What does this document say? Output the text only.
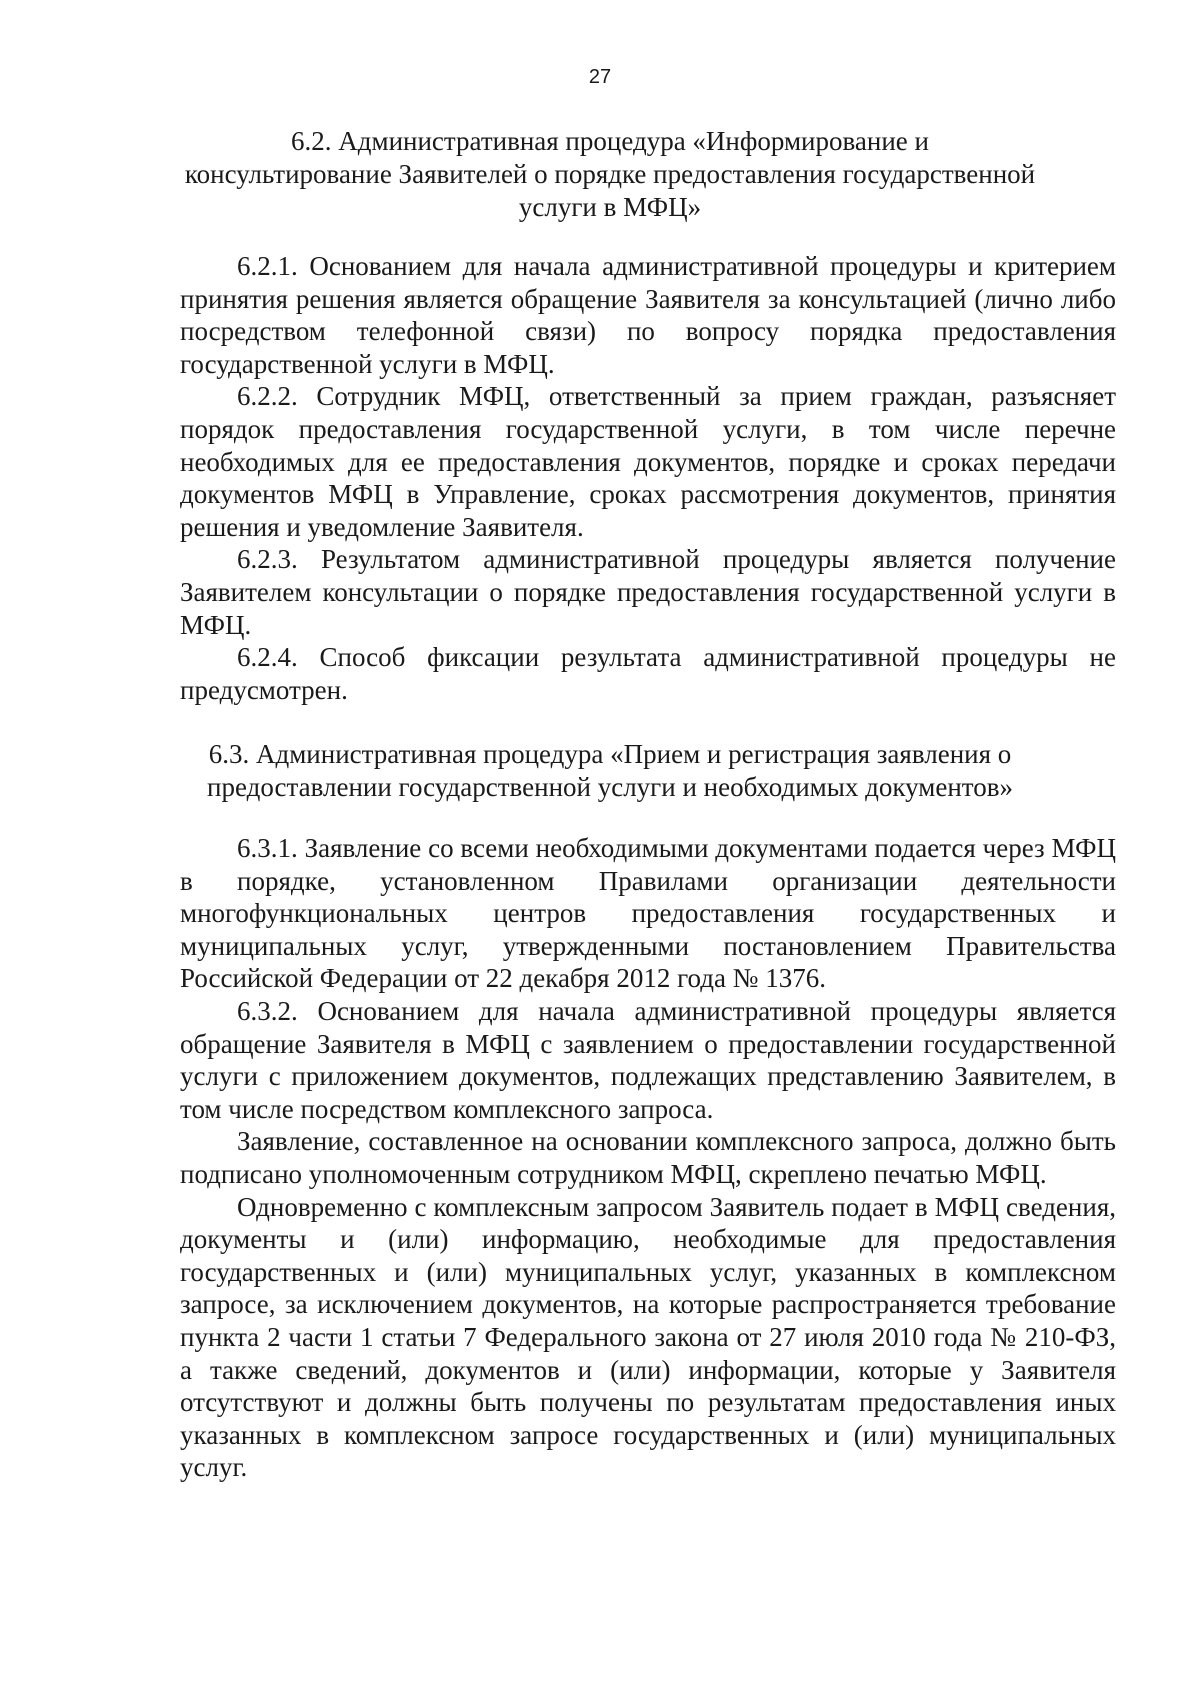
27
6.2. Административная процедура «Информирование и
консультирование Заявителей о порядке предоставления государственной
услуги в МФЦ»

6.2.1. Основанием для начала административной процедуры и критерием принятия решения является обращение Заявителя за консультацией (лично либо посредством телефонной связи) по вопросу порядка предоставления государственной услуги в МФЦ.

6.2.2. Сотрудник МФЦ, ответственный за прием граждан, разъясняет порядок предоставления государственной услуги, в том числе перечне необходимых для ее предоставления документов, порядке и сроках передачи документов МФЦ в Управление, сроках рассмотрения документов, принятия решения и уведомление Заявителя.

6.2.3. Результатом административной процедуры является получение Заявителем консультации о порядке предоставления государственной услуги в МФЦ.

6.2.4. Способ фиксации результата административной процедуры не предусмотрен.

6.3. Административная процедура «Прием и регистрация заявления о
предоставлении государственной услуги и необходимых документов»

6.3.1. Заявление со всеми необходимыми документами подается через МФЦ в порядке, установленном Правилами организации деятельности многофункциональных центров предоставления государственных и муниципальных услуг, утвержденными постановлением Правительства Российской Федерации от 22 декабря 2012 года № 1376.

6.3.2. Основанием для начала административной процедуры является обращение Заявителя в МФЦ с заявлением о предоставлении государственной услуги с приложением документов, подлежащих представлению Заявителем, в том числе посредством комплексного запроса.

Заявление, составленное на основании комплексного запроса, должно быть подписано уполномоченным сотрудником МФЦ, скреплено печатью МФЦ.

Одновременно с комплексным запросом Заявитель подает в МФЦ сведения, документы и (или) информацию, необходимые для предоставления государственных и (или) муниципальных услуг, указанных в комплексном запросе, за исключением документов, на которые распространяется требование пункта 2 части 1 статьи 7 Федерального закона от 27 июля 2010 года № 210-ФЗ, а также сведений, документов и (или) информации, которые у Заявителя отсутствуют и должны быть получены по результатам предоставления иных указанных в комплексном запросе государственных и (или) муниципальных услуг.
